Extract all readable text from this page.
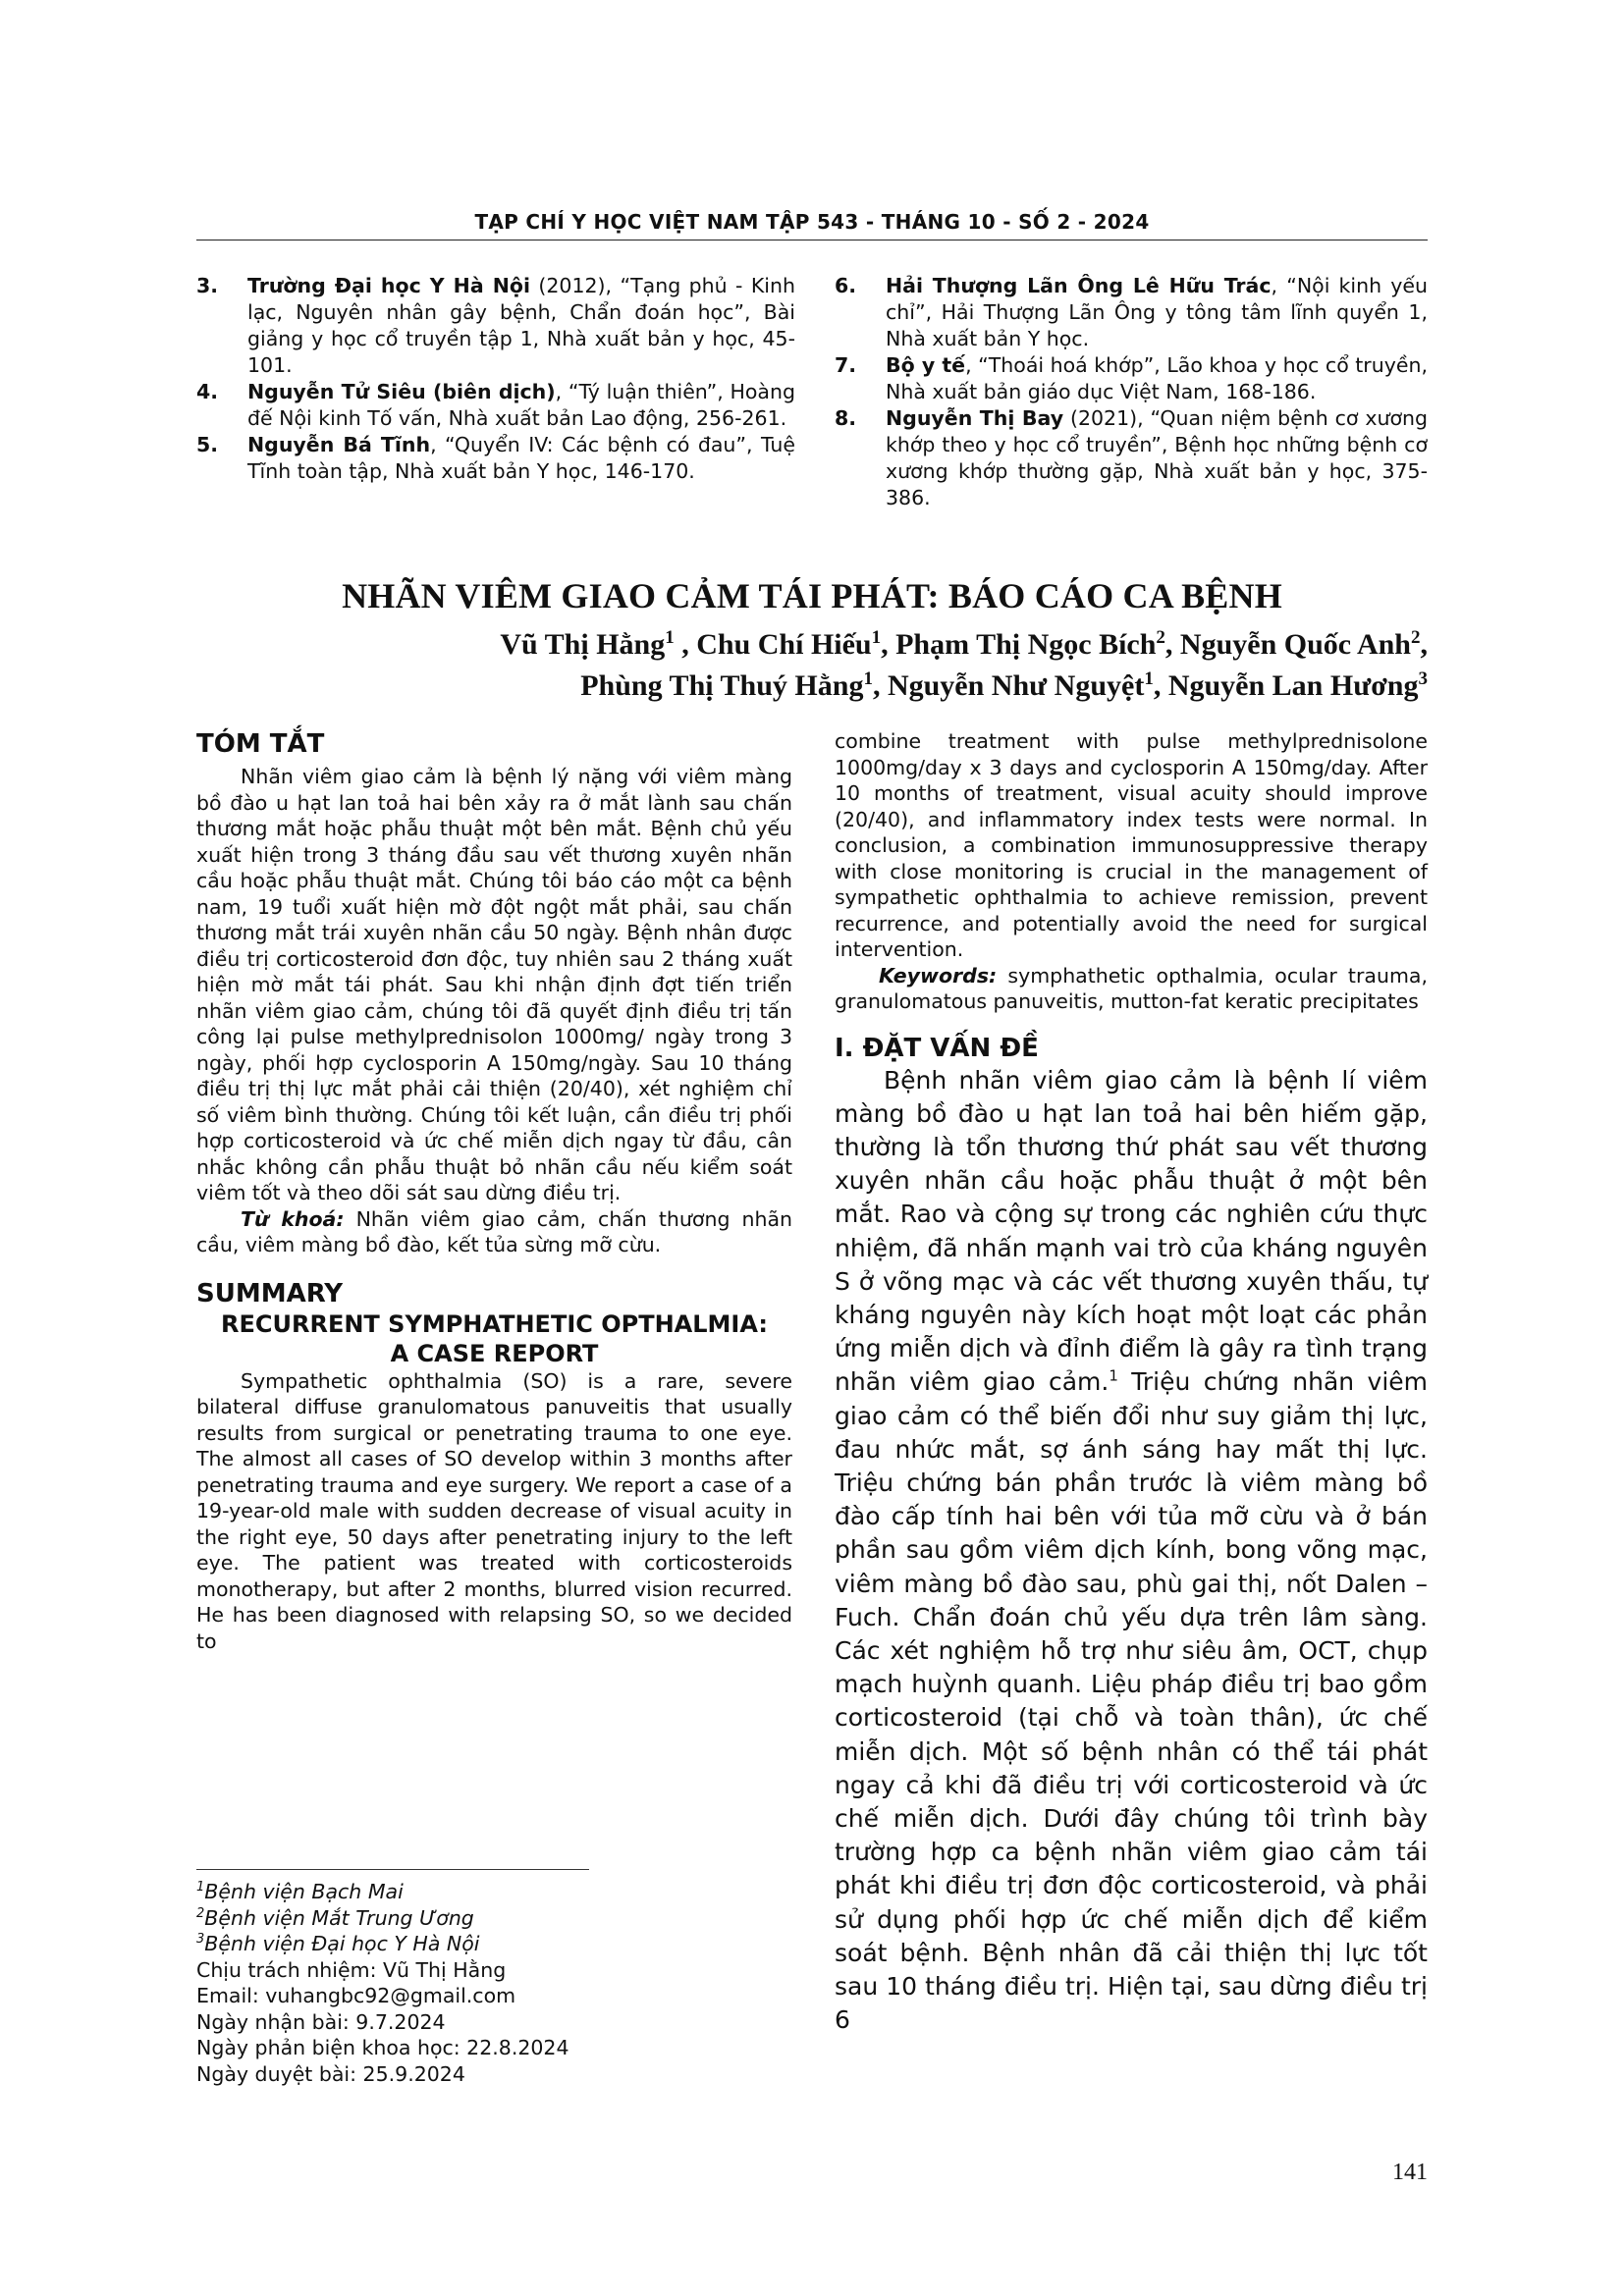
TẠP CHÍ Y HỌC VIỆT NAM TẬP 543 - THÁNG 10 - SỐ 2 - 2024

3.	Trường Đại học Y Hà Nội (2012), “Tạng phủ - Kinh lạc, Nguyên nhân gây bệnh, Chẩn đoán học”, Bài giảng y học cổ truyền tập 1, Nhà xuất bản y học, 45-101.

4.	Nguyễn Tử Siêu (biên dịch), “Tý luận thiên”, Hoàng đế Nội kinh Tố vấn, Nhà xuất bản Lao động, 256-261.

5.	Nguyễn Bá Tĩnh, “Quyển IV: Các bệnh có đau”, Tuệ Tĩnh toàn tập, Nhà xuất bản Y học, 146-170.

6.	Hải Thượng Lãn Ông Lê Hữu Trác, “Nội kinh yếu chỉ”, Hải Thượng Lãn Ông y tông tâm lĩnh quyển 1, Nhà xuất bản Y học.

7.	Bộ y tế, “Thoái hoá khớp”, Lão khoa y học cổ truyền, Nhà xuất bản giáo dục Việt Nam, 168-186.

8.	Nguyễn Thị Bay (2021), “Quan niệm bệnh cơ xương khớp theo y học cổ truyền”, Bệnh học những bệnh cơ xương khớp thường gặp, Nhà xuất bản y học, 375-386.

NHÃN VIÊM GIAO CẢM TÁI PHÁT: BÁO CÁO CA BỆNH
Vũ Thị Hằng$^1$ , Chu Chí Hiếu$^1$, Phạm Thị Ngọc Bích$^2$, Nguyễn Quốc Anh$^2$,
Phùng Thị Thuý Hằng$^1$, Nguyễn Như Nguyệt$^1$, Nguyễn Lan Hương$^3$
TÓM TẮT

Nhãn viêm giao cảm là bệnh lý nặng với viêm màng bồ đào u hạt lan toả hai bên xảy ra ở mắt lành sau chấn thương mắt hoặc phẫu thuật một bên mắt. Bệnh chủ yếu xuất hiện trong 3 tháng đầu sau vết thương xuyên nhãn cầu hoặc phẫu thuật mắt. Chúng tôi báo cáo một ca bệnh nam, 19 tuổi xuất hiện mờ đột ngột mắt phải, sau chấn thương mắt trái xuyên nhãn cầu 50 ngày. Bệnh nhân được điều trị corticosteroid đơn độc, tuy nhiên sau 2 tháng xuất hiện mờ mắt tái phát. Sau khi nhận định đợt tiến triển nhãn viêm giao cảm, chúng tôi đã quyết định điều trị tấn công lại pulse methylprednisolon 1000mg/ ngày trong 3 ngày, phối hợp cyclosporin A 150mg/ngày. Sau 10 tháng điều trị thị lực mắt phải cải thiện (20/40), xét nghiệm chỉ số viêm bình thường. Chúng tôi kết luận, cần điều trị phối hợp corticosteroid và ức chế miễn dịch ngay từ đầu, cân nhắc không cần phẫu thuật bỏ nhãn cầu nếu kiểm soát viêm tốt và theo dõi sát sau dừng điều trị.

Từ khoá: Nhãn viêm giao cảm, chấn thương nhãn cầu, viêm màng bồ đào, kết tủa sừng mỡ cừu.

SUMMARY

RECURRENT SYMPHATHETIC OPTHALMIA:

A CASE REPORT

Sympathetic ophthalmia (SO) is a rare, severe bilateral diffuse granulomatous panuveitis that usually results from surgical or penetrating trauma to one eye. The almost all cases of SO develop within 3 months after penetrating trauma and eye surgery. We report a case of a 19-year-old male with sudden decrease of visual acuity in the right eye, 50 days after penetrating injury to the left eye. The patient was treated with corticosteroids monotherapy, but after 2 months, blurred vision recurred. He has been diagnosed with relapsing SO, so we decided to

combine treatment with pulse methylprednisolone 1000mg/day x 3 days and cyclosporin A 150mg/day. After 10 months of treatment, visual acuity should improve (20/40), and inflammatory index tests were normal. In conclusion, a combination immunosuppressive therapy with close monitoring is crucial in the management of sympathetic ophthalmia to achieve remission, prevent recurrence, and potentially avoid the need for surgical intervention.

Keywords: symphathetic opthalmia, ocular trauma, granulomatous panuveitis, mutton-fat keratic precipitates

I. ĐẶT VẤN ĐỀ

Bệnh nhãn viêm giao cảm là bệnh lí viêm màng bồ đào u hạt lan toả hai bên hiếm gặp, thường là tổn thương thứ phát sau vết thương xuyên nhãn cầu hoặc phẫu thuật ở một bên mắt. Rao và cộng sự trong các nghiên cứu thực nhiệm, đã nhấn mạnh vai trò của kháng nguyên S ở võng mạc và các vết thương xuyên thấu, tự kháng nguyên này kích hoạt một loạt các phản ứng miễn dịch và đỉnh điểm là gây ra tình trạng nhãn viêm giao cảm.$^1$ Triệu chứng nhãn viêm giao cảm có thể biến đổi như suy giảm thị lực, đau nhức mắt, sợ ánh sáng hay mất thị lực. Triệu chứng bán phần trước là viêm màng bồ đào cấp tính hai bên với tủa mỡ cừu và ở bán phần sau gồm viêm dịch kính, bong võng mạc, viêm màng bồ đào sau, phù gai thị, nốt Dalen – Fuch. Chẩn đoán chủ yếu dựa trên lâm sàng. Các xét nghiệm hỗ trợ như siêu âm, OCT, chụp mạch huỳnh quanh. Liệu pháp điều trị bao gồm corticosteroid (tại chỗ và toàn thân), ức chế miễn dịch. Một số bệnh nhân có thể tái phát ngay cả khi đã điều trị với corticosteroid và ức chế miễn dịch. Dưới đây chúng tôi trình bày trường hợp ca bệnh nhãn viêm giao cảm tái phát khi điều trị đơn độc corticosteroid, và phải sử dụng phối hợp ức chế miễn dịch để kiểm soát bệnh. Bệnh nhân đã cải thiện thị lực tốt sau 10 tháng điều trị. Hiện tại, sau dừng điều trị 6

$^1$Bệnh viện Bạch Mai
$^2$Bệnh viện Mắt Trung Ương
$^3$Bệnh viện Đại học Y Hà Nội
Chịu trách nhiệm: Vũ Thị Hằng
Email: vuhangbc92@gmail.com
Ngày nhận bài: 9.7.2024
Ngày phản biện khoa học: 22.8.2024
Ngày duyệt bài: 25.9.2024
141
